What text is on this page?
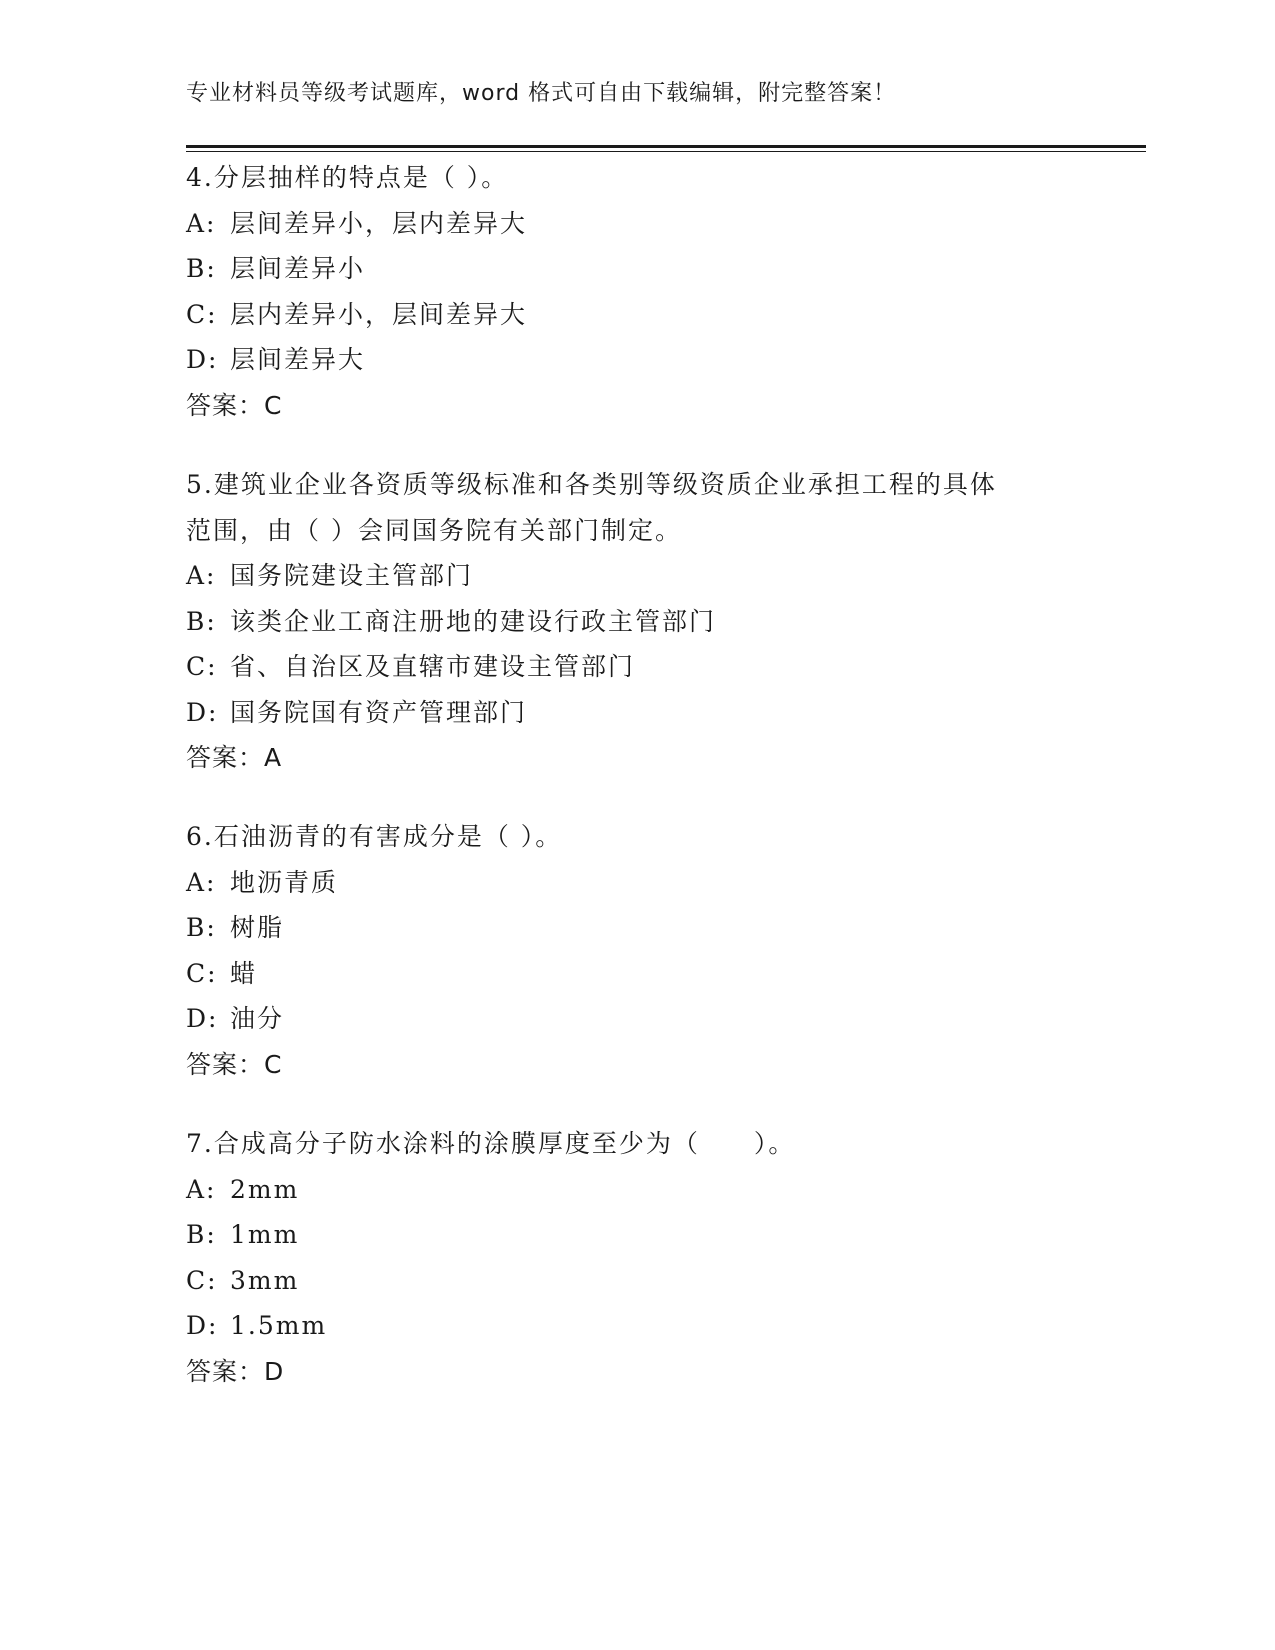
专业材料员等级考试题库，word 格式可自由下载编辑，附完整答案！
4.分层抽样的特点是（ ）。
A: 层间差异小，层内差异大
B: 层间差异小
C: 层内差异小，层间差异大
D: 层间差异大
答案：C
5.建筑业企业各资质等级标准和各类别等级资质企业承担工程的具体
范围，由（ ）会同国务院有关部门制定。
A: 国务院建设主管部门
B: 该类企业工商注册地的建设行政主管部门
C: 省、自治区及直辖市建设主管部门
D: 国务院国有资产管理部门
答案：A
6.石油沥青的有害成分是（ ）。
A: 地沥青质
B: 树脂
C: 蜡
D: 油分
答案：C
7.合成高分子防水涂料的涂膜厚度至少为（　　）。
A: 2mm
B: 1mm
C: 3mm
D: 1.5mm
答案：D
